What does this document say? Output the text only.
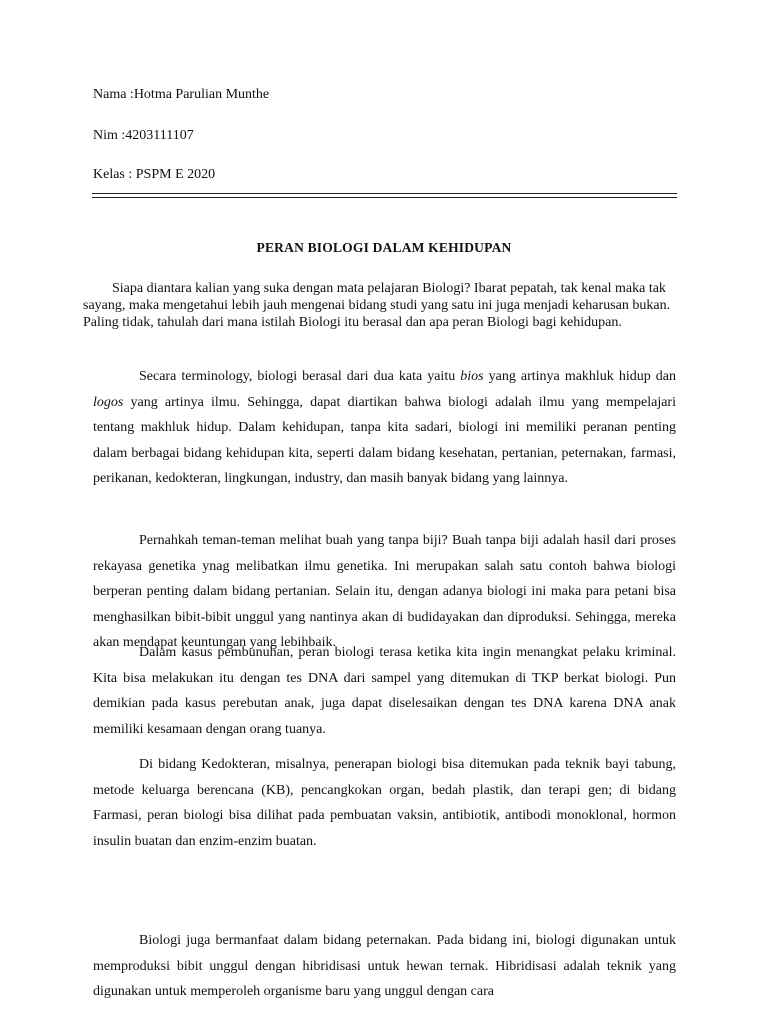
Nama :Hotma Parulian Munthe
Nim :4203111107
Kelas : PSPM E 2020
PERAN BIOLOGI DALAM KEHIDUPAN

Siapa diantara kalian yang suka dengan mata pelajaran Biologi? Ibarat pepatah, tak kenal maka tak sayang, maka mengetahui lebih jauh mengenai bidang studi yang satu ini juga menjadi keharusan bukan. Paling tidak, tahulah dari mana istilah Biologi itu berasal dan apa peran Biologi bagi kehidupan.

Secara terminology, biologi berasal dari dua kata yaitu bios yang artinya makhluk hidup dan logos yang artinya ilmu. Sehingga, dapat diartikan bahwa biologi adalah ilmu yang mempelajari tentang makhluk hidup. Dalam kehidupan, tanpa kita sadari, biologi ini memiliki peranan penting dalam berbagai bidang kehidupan kita, seperti dalam bidang kesehatan, pertanian, peternakan, farmasi, perikanan, kedokteran, lingkungan, industry, dan masih banyak bidang yang lainnya.

Pernahkah teman-teman melihat buah yang tanpa biji? Buah tanpa biji adalah hasil dari proses rekayasa genetika ynag melibatkan ilmu genetika. Ini merupakan salah satu contoh bahwa biologi berperan penting dalam bidang pertanian. Selain itu, dengan adanya biologi ini maka para petani bisa menghasilkan bibit-bibit unggul yang nantinya akan di budidayakan dan diproduksi. Sehingga, mereka akan mendapat keuntungan yang lebihbaik.

Dalam kasus pembunuhan, peran biologi terasa ketika kita ingin menangkat pelaku kriminal. Kita bisa melakukan itu dengan tes DNA dari sampel yang ditemukan di TKP berkat biologi. Pun demikian pada kasus perebutan anak, juga dapat diselesaikan dengan tes DNA karena DNA anak memiliki kesamaan dengan orang tuanya.

Di bidang Kedokteran, misalnya, penerapan biologi bisa ditemukan pada teknik bayi tabung, metode keluarga berencana (KB), pencangkokan organ, bedah plastik, dan terapi gen; di bidang Farmasi, peran biologi bisa dilihat pada pembuatan vaksin, antibiotik, antibodi monoklonal, hormon insulin buatan dan enzim-enzim buatan.

Biologi juga bermanfaat dalam bidang peternakan. Pada bidang ini, biologi digunakan untuk memproduksi bibit unggul dengan hibridisasi untuk hewan ternak. Hibridisasi adalah teknik yang digunakan untuk memperoleh organisme baru yang unggul dengan cara
